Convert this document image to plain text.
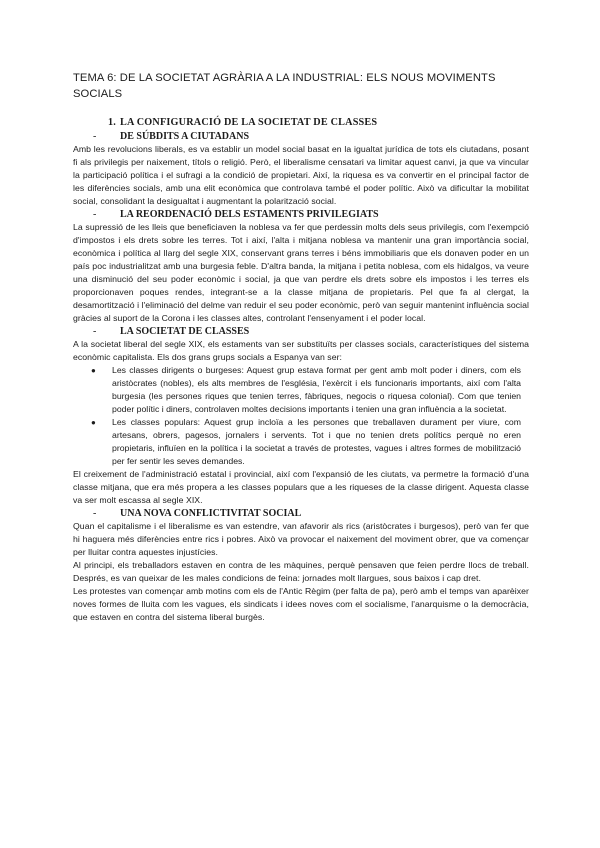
TEMA 6: DE LA SOCIETAT AGRÀRIA A LA INDUSTRIAL: ELS NOUS MOVIMENTS SOCIALS
1. LA CONFIGURACIÓ DE LA SOCIETAT DE CLASSES
- DE SÚBDITS A CIUTADANS

Amb les revolucions liberals, es va establir un model social basat en la igualtat jurídica de tots els ciutadans, posant fi als privilegis per naixement, títols o religió. Però, el liberalisme censatari va limitar aquest canvi, ja que va vincular la participació política i el sufragi a la condició de propietari. Així, la riquesa es va convertir en el principal factor de les diferències socials, amb una elit econòmica que controlava també el poder polític. Això va dificultar la mobilitat social, consolidant la desigualtat i augmentant la polarització social.

- LA REORDENACIÓ DELS ESTAMENTS PRIVILEGIATS

La supressió de les lleis que beneficiaven la noblesa va fer que perdessin molts dels seus privilegis, com l'exempció d'impostos i els drets sobre les terres. Tot i així, l'alta i mitjana noblesa va mantenir una gran importància social, econòmica i política al llarg del segle XIX, conservant grans terres i béns immobiliaris que els donaven poder en un país poc industrialitzat amb una burgesia feble. D'altra banda, la mitjana i petita noblesa, com els hidalgos, va veure una disminució del seu poder econòmic i social, ja que van perdre els drets sobre els impostos i les terres els proporcionaven poques rendes, integrant-se a la classe mitjana de propietaris. Pel que fa al clergat, la desamortització i l'eliminació del delme van reduir el seu poder econòmic, però van seguir mantenint influència social gràcies al suport de la Corona i les classes altes, controlant l'ensenyament i el poder local.

- LA SOCIETAT DE CLASSES

A la societat liberal del segle XIX, els estaments van ser substituïts per classes socials, característiques del sistema econòmic capitalista. Els dos grans grups socials a Espanya van ser:

● Les classes dirigents o burgeses: Aquest grup estava format per gent amb molt poder i diners, com els aristòcrates (nobles), els alts membres de l'església, l'exèrcit i els funcionaris importants, així com l'alta burgesia (les persones riques que tenien terres, fàbriques, negocis o riquesa colonial). Com que tenien poder polític i diners, controlaven moltes decisions importants i tenien una gran influència a la societat.
● Les classes populars: Aquest grup incloïa a les persones que treballaven durament per viure, com artesans, obrers, pagesos, jornalers i servents. Tot i que no tenien drets polítics perquè no eren propietaris, influïen en la política i la societat a través de protestes, vagues i altres formes de mobilització per fer sentir les seves demandes.

El creixement de l'administració estatal i provincial, així com l'expansió de les ciutats, va permetre la formació d'una classe mitjana, que era més propera a les classes populars que a les riqueses de la classe dirigent. Aquesta classe va ser molt escassa al segle XIX.

- UNA NOVA CONFLICTIVITAT SOCIAL

Quan el capitalisme i el liberalisme es van estendre, van afavorir als rics (aristòcrates i burgesos), però van fer que hi haguera més diferències entre rics i pobres. Això va provocar el naixement del moviment obrer, que va començar per lluitar contra aquestes injustícies.

Al principi, els treballadors estaven en contra de les màquines, perquè pensaven que feien perdre llocs de treball. Després, es van queixar de les males condicions de feina: jornades molt llargues, sous baixos i cap dret.

Les protestes van començar amb motins com els de l'Antic Règim (per falta de pa), però amb el temps van aparèixer noves formes de lluita com les vagues, els sindicats i idees noves com el socialisme, l'anarquisme o la democràcia, que estaven en contra del sistema liberal burgès.
